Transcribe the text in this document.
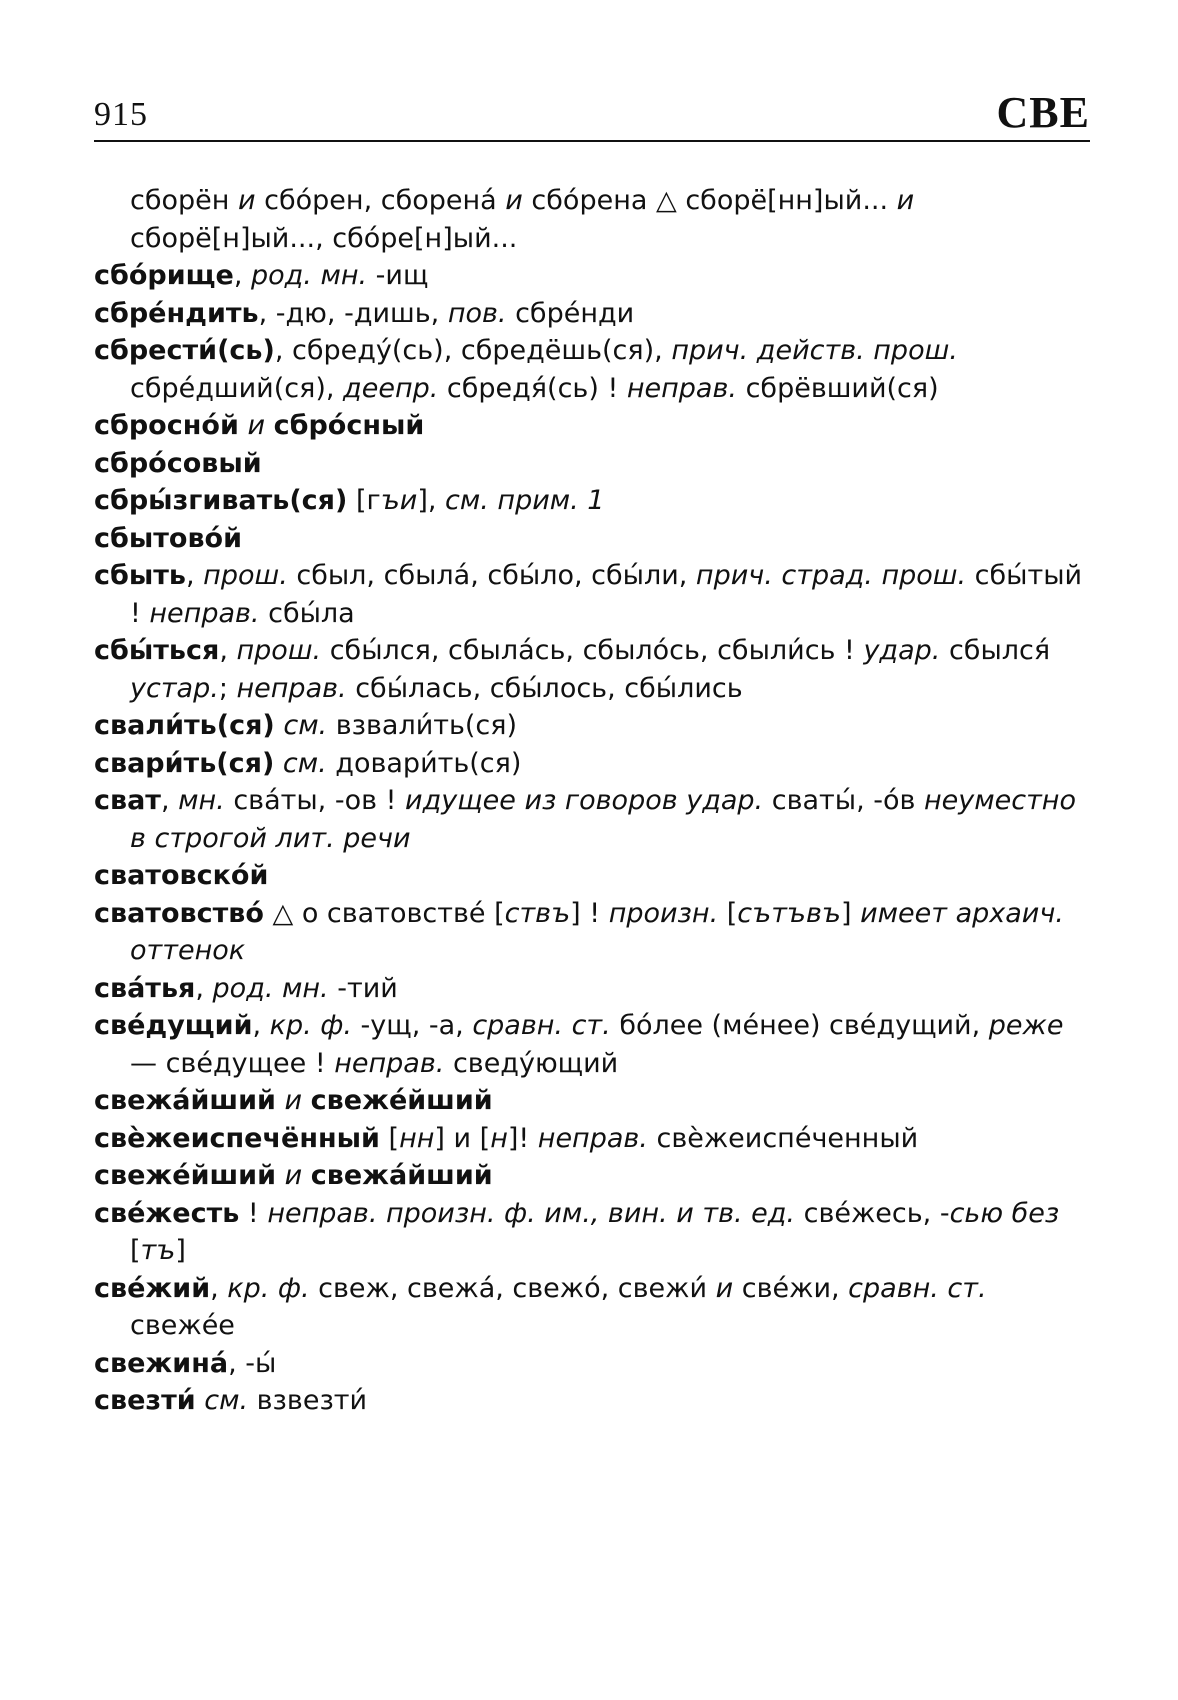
915	СВЕ
сборён и сбо́рен, сборена́ и сбо́рена △ сборё[нн]ый... и сборё[н]ый..., сбо́ре[н]ый...
сбо́рище, род. мн. -ищ
сбре́ндить, -дю, -дишь, пов. сбре́нди
сбрести́(сь), сбреду́(сь), сбредёшь(ся), прич. действ. прош. сбре́дший(ся), деепр. сбредя́(сь) ! неправ. сбрёвший(ся)
сбросно́й и сбро́сный
сбро́совый
сбры́згивать(ся) [гъи], см. прим. 1
сбытово́й
сбыть, прош. сбыл, сбыла́, сбы́ло, сбы́ли, прич. страд. прош. сбы́тый ! неправ. сбы́ла
сбы́ться, прош. сбы́лся, сбыла́сь, сбыло́сь, сбыли́сь ! удар. сбылся́ устар.; неправ. сбы́лась, сбы́лось, сбы́лись
свали́ть(ся) см. взвали́ть(ся)
свари́ть(ся) см. довари́ть(ся)
сват, мн. сва́ты, -ов ! идущее из говоров удар. сваты́, -о́в неуместно в строгой лит. речи
сватовско́й
сватовство́ △ о сватовстве́ [ствъ] ! произн. [сътъвъ] имеет архаич. оттенок
сва́тья, род. мн. -тий
све́дущий, кр. ф. -ущ, -а, сравн. ст. бо́лее (ме́нее) све́дущий, реже — све́дущее ! неправ. сведу́ющий
свежа́йший и свеже́йший
свѐжеиспечённый [нн] и [н]! неправ. свѐжеиспе́ченный
свеже́йший и свежа́йший
све́жесть ! неправ. произн. ф. им., вин. и тв. ед. све́жесь, -сью без [тъ]
све́жий, кр. ф. свеж, свежа́, свежо́, свежи́ и све́жи, сравн. ст. свеже́е
свежина́, -ы́
свезти́ см. взвезти́
